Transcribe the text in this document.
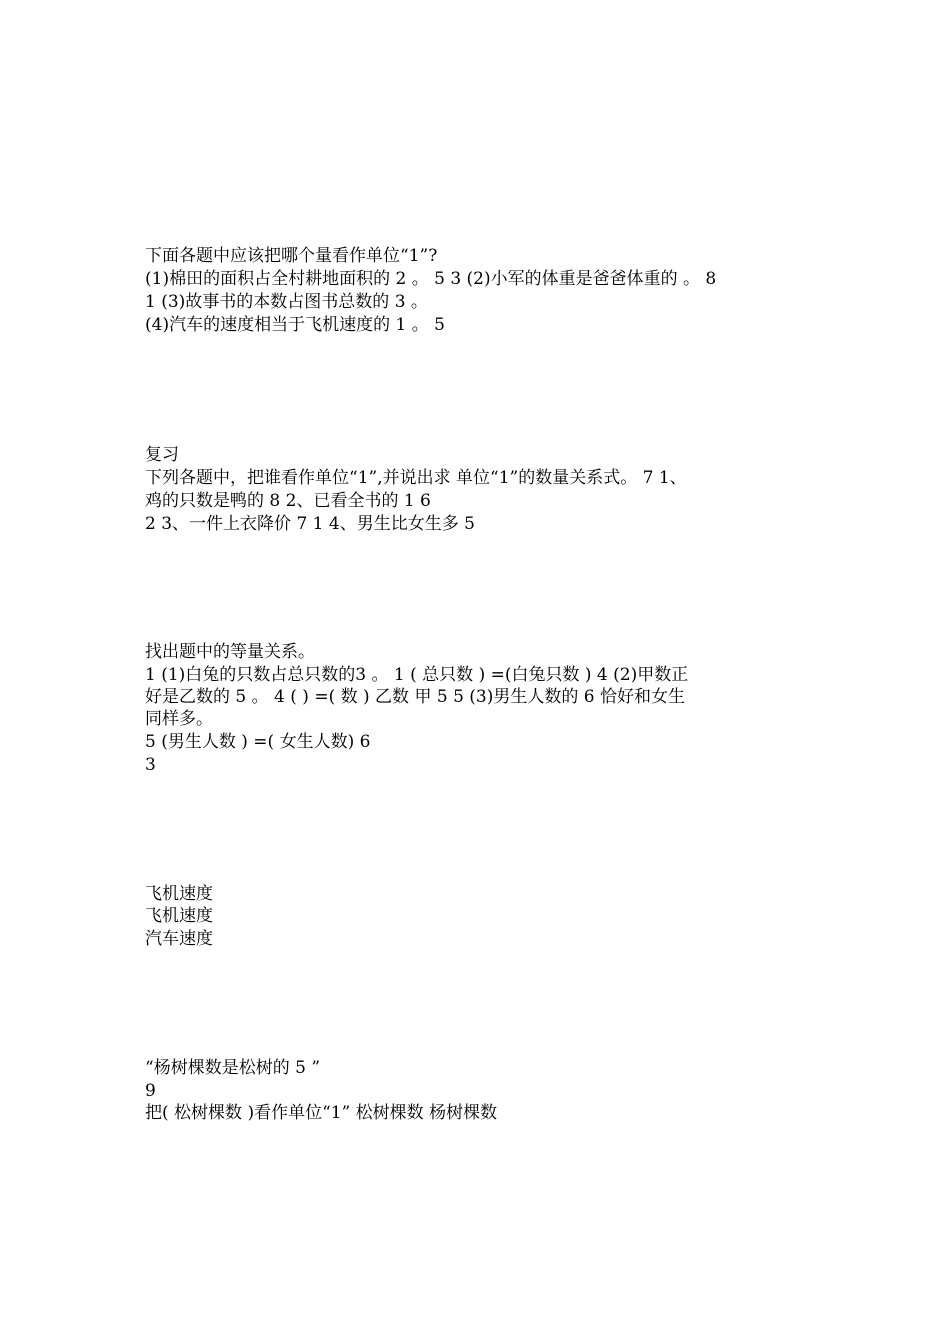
下面各题中应该把哪个量看作单位“1”?
(1)棉田的面积占全村耕地面积的 2 。 5 3 (2)小军的体重是爸爸体重的 。 8
1 (3)故事书的本数占图书总数的 3 。
(4)汽车的速度相当于飞机速度的 1 。 5
复习
下列各题中，把谁看作单位“1”,并说出求 单位“1”的数量关系式。 7 1、
鸡的只数是鸭的 8 2、已看全书的 1 6
2 3、一件上衣降价 7 1 4、男生比女生多 5
找出题中的等量关系。
1 (1)白兔的只数占总只数的3 。 1 ( 总只数 ) =(白兔只数 ) 4 (2)甲数正
好是乙数的 5 。 4 ( ) =( 数 ) 乙数 甲 5 5 (3)男生人数的 6 恰好和女生
同样多。
5 (男生人数 ) =( 女生人数) 6
3
飞机速度
飞机速度
汽车速度
“杨树棵数是松树的 5 ”
9
把( 松树棵数 )看作单位“1” 松树棵数 杨树棵数
